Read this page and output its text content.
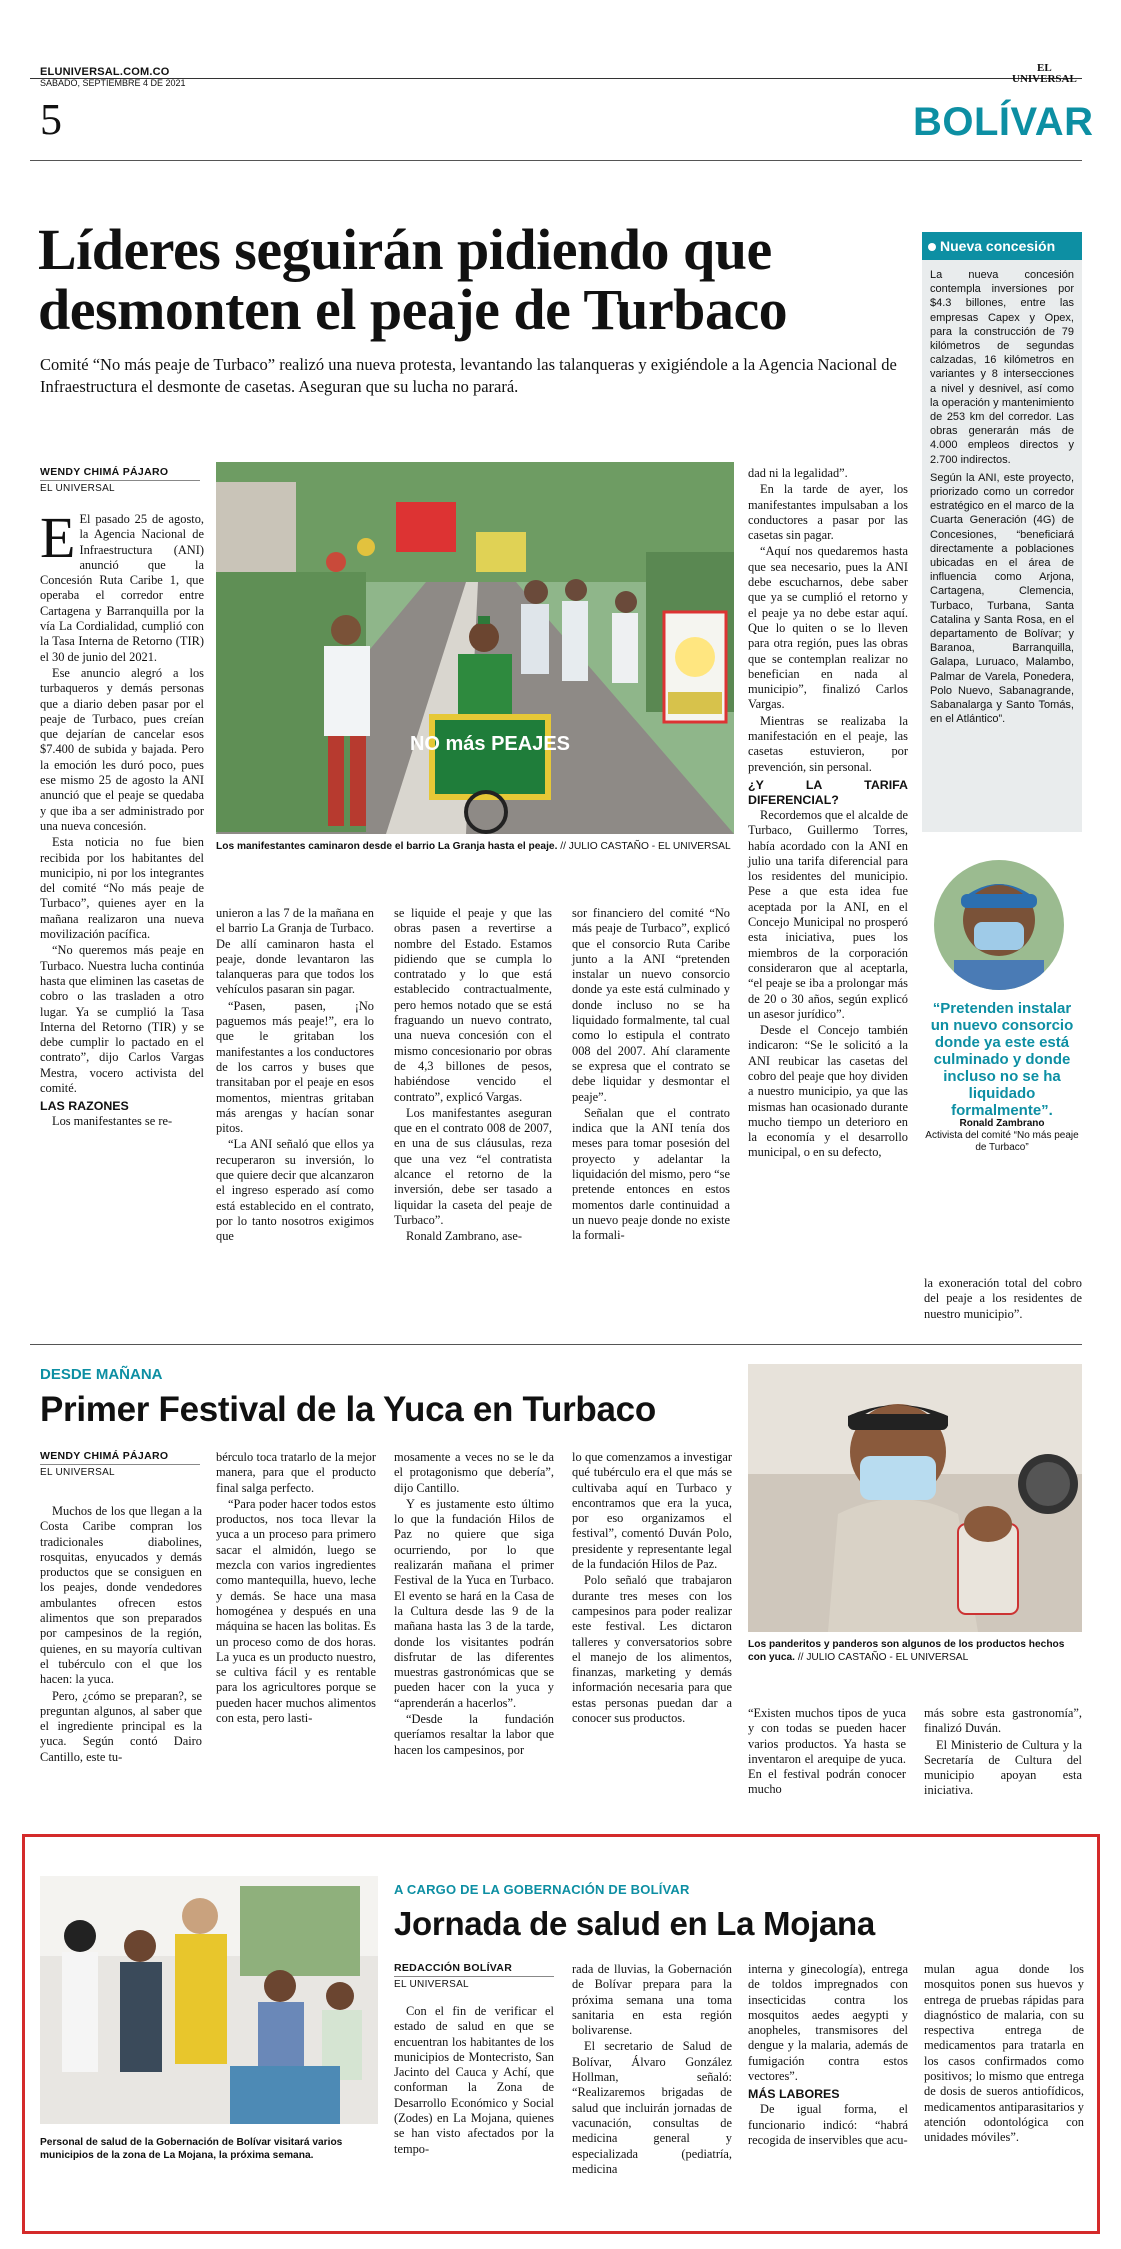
ELUNIVERSAL.COM.CO
SÁBADO, SEPTIEMBRE 4 DE 2021
5
EL
UNIVERSAL
BOLÍVAR
Líderes seguirán pidiendo que
desmonten el peaje de Turbaco
Comité “No más peaje de Turbaco” realizó una nueva protesta, levantando las talanqueras y exigiéndole a la Agencia Nacional de Infraestructura el desmonte de casetas. Aseguran que su lucha no parará.
WENDY CHIMÁ PÁJARO
EL UNIVERSAL
NO más PEAJES
Los manifestantes caminaron desde el barrio La Granja hasta el peaje. // JULIO CASTAÑO - EL UNIVERSAL

E El pasado 25 de agosto, la Agencia Nacional de Infraestructura (ANI) anunció que la Concesión Ruta Caribe 1, que operaba el corredor entre Cartagena y Barranquilla por la vía La Cordialidad, cumplió con la Tasa Interna de Retorno (TIR) el 30 de junio del 2021.

Ese anuncio alegró a los turbaqueros y demás personas que a diario deben pasar por el peaje de Turbaco, pues creían que dejarían de cancelar esos $7.400 de subida y bajada. Pero la emoción les duró poco, pues ese mismo 25 de agosto la ANI anunció que el peaje se quedaba y que iba a ser administrado por una nueva concesión.

Esta noticia no fue bien recibida por los habitantes del municipio, ni por los integrantes del comité “No más peaje de Turbaco”, quienes ayer en la mañana realizaron una nueva movilización pacífica.

“No queremos más peaje en Turbaco. Nuestra lucha continúa hasta que eliminen las casetas de cobro o las trasladen a otro lugar. Ya se cumplió la Tasa Interna del Retorno (TIR) y se debe cumplir lo pactado en el contrato”, dijo Carlos Vargas Mestra, vocero activista del comité.

LAS RAZONES

Los manifestantes se re-

unieron a las 7 de la mañana en el barrio La Granja de Turbaco. De allí caminaron hasta el peaje, donde levantaron las talanqueras para que todos los vehículos pasaran sin pagar.

“Pasen, pasen, ¡No paguemos más peaje!”, era lo que le gritaban los manifestantes a los conductores de los carros y buses que transitaban por el peaje en esos momentos, mientras gritaban más arengas y hacían sonar pitos.

“La ANI señaló que ellos ya recuperaron su inversión, lo que quiere decir que alcanzaron el ingreso esperado así como está establecido en el contrato, por lo tanto nosotros exigimos que

se liquide el peaje y que las obras pasen a revertirse a nombre del Estado. Estamos pidiendo que se cumpla lo contratado y lo que está establecido contractualmente, pero hemos notado que se está fraguando un nuevo contrato, una nueva concesión con el mismo concesionario por obras de 4,3 billones de pesos, habiéndose vencido el contrato”, explicó Vargas.

Los manifestantes aseguran que en el contrato 008 de 2007, en una de sus cláusulas, reza que una vez “el contratista alcance el retorno de la inversión, debe ser tasado a liquidar la caseta del peaje de Turbaco”.

Ronald Zambrano, ase-

sor financiero del comité “No más peaje de Turbaco”, explicó que el consorcio Ruta Caribe junto a la ANI “pretenden instalar un nuevo consorcio donde ya este está culminado y donde incluso no se ha liquidado formalmente, tal cual como lo estipula el contrato 008 del 2007. Ahí claramente se expresa que el contrato se debe liquidar y desmontar el peaje”.

Señalan que el contrato indica que la ANI tenía dos meses para tomar posesión del proyecto y adelantar la liquidación del mismo, pero “se pretende entonces en estos momentos darle continuidad a un nuevo peaje donde no existe la formali-

dad ni la legalidad”.

En la tarde de ayer, los manifestantes impulsaban a los conductores a pasar por las casetas sin pagar.

“Aquí nos quedaremos hasta que sea necesario, pues la ANI debe escucharnos, debe saber que ya se cumplió el retorno y el peaje ya no debe estar aquí. Que lo quiten o se lo lleven para otra región, pues las obras que se contemplan realizar no benefician en nada al municipio”, finalizó Carlos Vargas.

Mientras se realizaba la manifestación en el peaje, las casetas estuvieron, por prevención, sin personal.

¿Y LA TARIFA DIFERENCIAL?

Recordemos que el alcalde de Turbaco, Guillermo Torres, había acordado con la ANI en julio una tarifa diferencial para los residentes del municipio. Pese a que esta idea fue aceptada por la ANI, en el Concejo Municipal no prosperó esta iniciativa, pues los miembros de la corporación consideraron que al aceptarla, “el peaje se iba a prolongar más de 20 o 30 años, según explicó un asesor jurídico”.

Desde el Concejo también indicaron: “Se le solicitó a la ANI reubicar las casetas del cobro del peaje que hoy dividen a nuestro municipio, ya que las mismas han ocasionado durante mucho tiempo un deterioro en la economía y el desarrollo municipal, o en su defecto,

Nueva concesión

La nueva concesión contempla inversiones por $4.3 billones, entre las empresas Capex y Opex, para la construcción de 79 kilómetros de segundas calzadas, 16 kilómetros en variantes y 8 intersecciones a nivel y desnivel, así como la operación y mantenimiento de 253 km del corredor. Las obras generarán más de 4.000 empleos directos y 2.700 indirectos.

Según la ANI, este proyecto, priorizado como un corredor estratégico en el marco de la Cuarta Generación (4G) de Concesiones, “beneficiará directamente a poblaciones ubicadas en el área de influencia como Arjona, Cartagena, Clemencia, Turbaco, Turbana, Santa Catalina y Santa Rosa, en el departamento de Bolívar; y Baranoa, Barranquilla, Galapa, Luruaco, Malambo, Palmar de Varela, Ponedera, Polo Nuevo, Sabanagrande, Sabanalarga y Santo Tomás, en el Atlántico”.

“Pretenden instalar un nuevo consorcio donde ya este está culminado y donde incluso no se ha liquidado formalmente”.
Ronald Zambrano
Activista del comité “No más peaje de Turbaco”

la exoneración total del cobro del peaje a los residentes de nuestro municipio”.

DESDE MAÑANA
Primer Festival de la Yuca en Turbaco
WENDY CHIMÁ PÁJARO
EL UNIVERSAL

Muchos de los que llegan a la Costa Caribe compran los tradicionales diabolines, rosquitas, enyucados y demás productos que se consiguen en los peajes, donde vendedores ambulantes ofrecen estos alimentos que son preparados por campesinos de la región, quienes, en su mayoría cultivan el tubérculo con el que los hacen: la yuca.

Pero, ¿cómo se preparan?, se preguntan algunos, al saber que el ingrediente principal es la yuca. Según contó Dairo Cantillo, este tu-

bérculo toca tratarlo de la mejor manera, para que el producto final salga perfecto.

“Para poder hacer todos estos productos, nos toca llevar la yuca a un proceso para primero sacar el almidón, luego se mezcla con varios ingredientes como mantequilla, huevo, leche y demás. Se hace una masa homogénea y después en una máquina se hacen las bolitas. Es un proceso como de dos horas. La yuca es un producto nuestro, se cultiva fácil y es rentable para los agricultores porque se pueden hacer muchos alimentos con esta, pero lasti-

mosamente a veces no se le da el protagonismo que debería”, dijo Cantillo.

Y es justamente esto último lo que la fundación Hilos de Paz no quiere que siga ocurriendo, por lo que realizarán mañana el primer Festival de la Yuca en Turbaco. El evento se hará en la Casa de la Cultura desde las 9 de la mañana hasta las 3 de la tarde, donde los visitantes podrán disfrutar de las diferentes muestras gastronómicas que se pueden hacer con la yuca y “aprenderán a hacerlos”.

“Desde la fundación queríamos resaltar la labor que hacen los campesinos, por

lo que comenzamos a investigar qué tubérculo era el que más se cultivaba aquí en Turbaco y encontramos que era la yuca, por eso organizamos el festival”, comentó Duván Polo, presidente y representante legal de la fundación Hilos de Paz.

Polo señaló que trabajaron durante tres meses con los campesinos para poder realizar este festival. Les dictaron talleres y conversatorios sobre el manejo de los alimentos, finanzas, marketing y demás información necesaria para que estas personas puedan dar a conocer sus productos.

Los panderitos y panderos son algunos de los productos hechos con yuca. // JULIO CASTAÑO - EL UNIVERSAL

“Existen muchos tipos de yuca y con todas se pueden hacer varios productos. Ya hasta se inventaron el arequipe de yuca. En el festival podrán conocer mucho

más sobre esta gastronomía”, finalizó Duván.

El Ministerio de Cultura y la Secretaría de Cultura del municipio apoyan esta iniciativa.

Personal de salud de la Gobernación de Bolívar visitará varios municipios de la zona de La Mojana, la próxima semana.
A CARGO DE LA GOBERNACIÓN DE BOLÍVAR
Jornada de salud en La Mojana
REDACCIÓN BOLÍVAR
EL UNIVERSAL

Con el fin de verificar el estado de salud en que se encuentran los habitantes de los municipios de Montecristo, San Jacinto del Cauca y Achí, que conforman la Zona de Desarrollo Económico y Social (Zodes) en La Mojana, quienes se han visto afectados por la tempo-

rada de lluvias, la Gobernación de Bolívar prepara para la próxima semana una toma sanitaria en esta región bolivarense.

El secretario de Salud de Bolívar, Álvaro González Hollman, señaló: “Realizaremos brigadas de salud que incluirán jornadas de vacunación, consultas de medicina general y especializada (pediatría, medicina

interna y ginecología), entrega de toldos impregnados con insecticidas contra los mosquitos aedes aegypti y anopheles, transmisores del dengue y la malaria, además de fumigación contra estos vectores”.

MÁS LABORES

De igual forma, el funcionario indicó: “habrá recogida de inservibles que acu-

mulan agua donde los mosquitos ponen sus huevos y entrega de pruebas rápidas para diagnóstico de malaria, con su respectiva entrega de medicamentos para tratarla en los casos confirmados como positivos; lo mismo que entrega de dosis de sueros antiofídicos, medicamentos antiparasitarios y atención odontológica con unidades móviles”.
